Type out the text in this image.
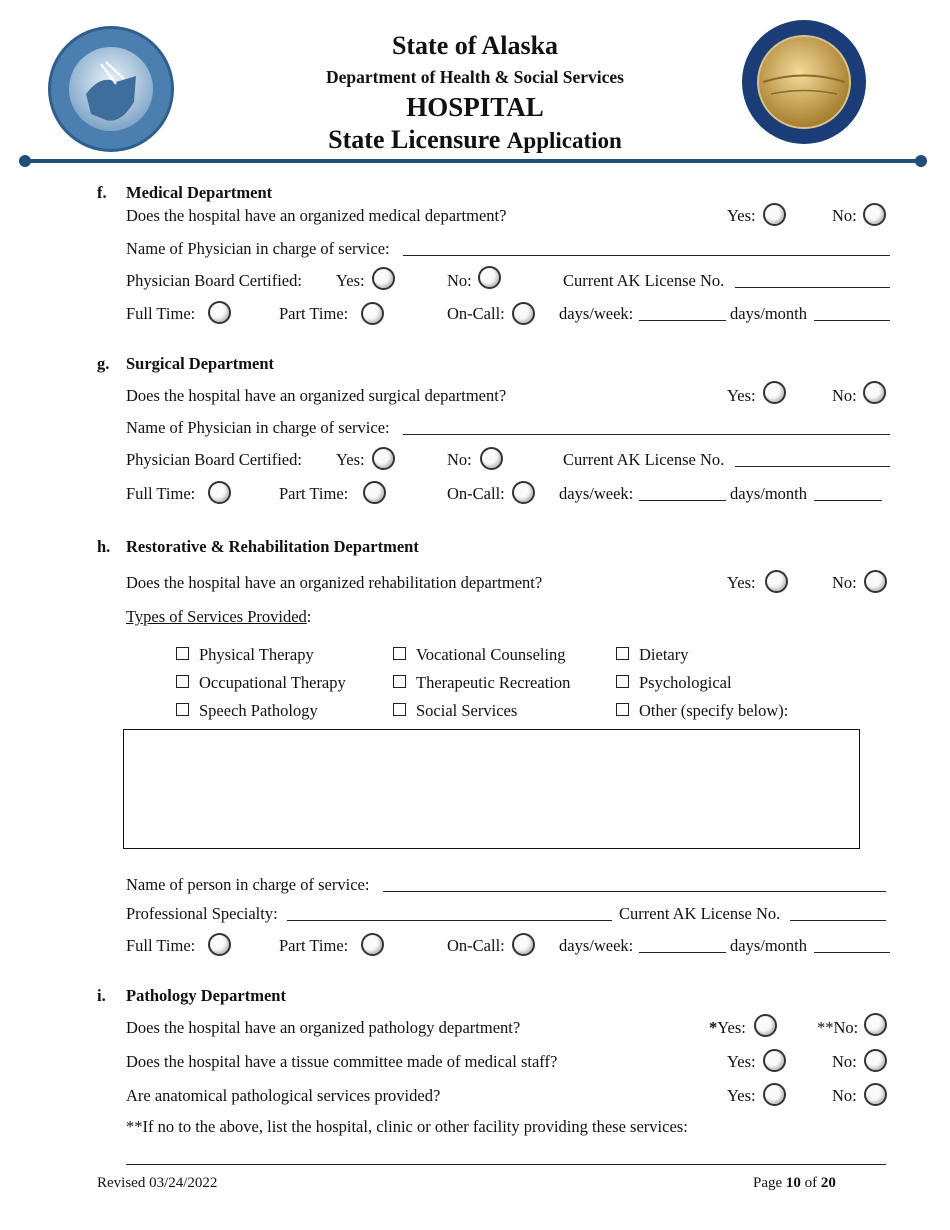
State of Alaska
Department of Health & Social Services
HOSPITAL
State Licensure Application
f. Medical Department
Does the hospital have an organized medical department?	Yes:	No:
Name of Physician in charge of service:
Physician Board Certified: Yes:	No:	Current AK License No.
Full Time:	Part Time:	On-Call:	days/week:	days/month
g. Surgical Department
Does the hospital have an organized surgical department?	Yes:	No:
Name of Physician in charge of service:
Physician Board Certified: Yes:	No:	Current AK License No.
Full Time:	Part Time:	On-Call:	days/week:	days/month
h. Restorative & Rehabilitation Department
Does the hospital have an organized rehabilitation department?	Yes:	No:
Types of Services Provided:
Physical Therapy	Vocational Counseling	Dietary
Occupational Therapy	Therapeutic Recreation	Psychological
Speech Pathology	Social Services	Other (specify below):
Name of person in charge of service:
Professional Specialty:	Current AK License No.
Full Time:	Part Time:	On-Call:	days/week:	days/month
i. Pathology Department
Does the hospital have an organized pathology department?	*Yes:	**No:
Does the hospital have a tissue committee made of medical staff?	Yes:	No:
Are anatomical pathological services provided?	Yes:	No:
**If no to the above, list the hospital, clinic or other facility providing these services:
Revised 03/24/2022	Page 10 of 20
